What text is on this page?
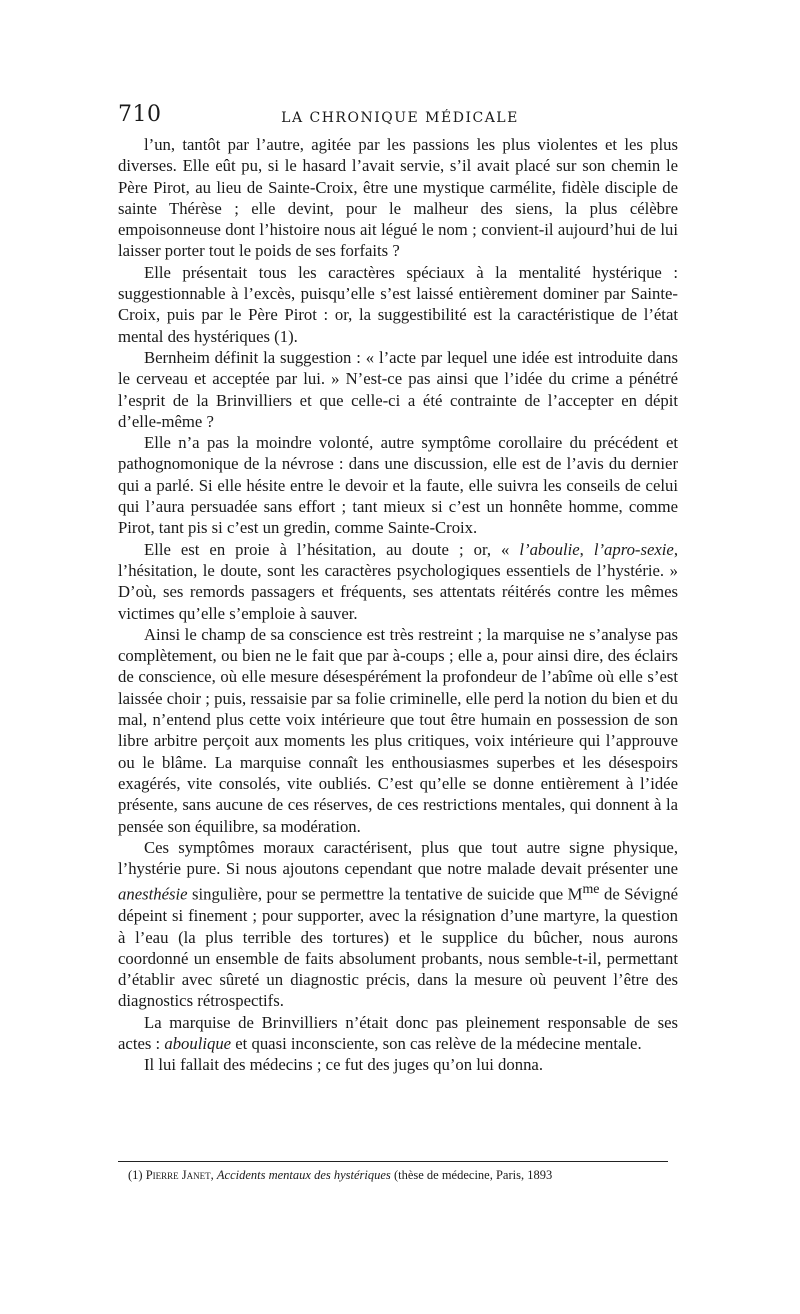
710	LA CHRONIQUE MÉDICALE

l’un, tantôt par l’autre, agitée par les passions les plus violentes et les plus diverses. Elle eût pu, si le hasard l’avait servie, s’il avait placé sur son chemin le Père Pirot, au lieu de Sainte-Croix, être une mystique carmélite, fidèle disciple de sainte Thérèse ; elle devint, pour le malheur des siens, la plus célèbre empoisonneuse dont l’histoire nous ait légué le nom ; convient-il aujourd’hui de lui laisser porter tout le poids de ses forfaits ?

Elle présentait tous les caractères spéciaux à la mentalité hystérique : suggestionnable à l’excès, puisqu’elle s’est laissé entièrement dominer par Sainte-Croix, puis par le Père Pirot : or, la suggestibilité est la caractéristique de l’état mental des hystériques (1).

Bernheim définit la suggestion : « l’acte par lequel une idée est introduite dans le cerveau et acceptée par lui. » N’est-ce pas ainsi que l’idée du crime a pénétré l’esprit de la Brinvilliers et que celle-ci a été contrainte de l’accepter en dépit d’elle-même ?

Elle n’a pas la moindre volonté, autre symptôme corollaire du précédent et pathognomonique de la névrose : dans une discussion, elle est de l’avis du dernier qui a parlé. Si elle hésite entre le devoir et la faute, elle suivra les conseils de celui qui l’aura persuadée sans effort ; tant mieux si c’est un honnête homme, comme Pirot, tant pis si c’est un gredin, comme Sainte-Croix.

Elle est en proie à l’hésitation, au doute ; or, « l’aboulie, l’apro-sexie, l’hésitation, le doute, sont les caractères psychologiques essentiels de l’hystérie. » D’où, ses remords passagers et fréquents, ses attentats réitérés contre les mêmes victimes qu’elle s’emploie à sauver.

Ainsi le champ de sa conscience est très restreint ; la marquise ne s’analyse pas complètement, ou bien ne le fait que par à-coups ; elle a, pour ainsi dire, des éclairs de conscience, où elle mesure désespérément la profondeur de l’abîme où elle s’est laissée choir ; puis, ressaisie par sa folie criminelle, elle perd la notion du bien et du mal, n’entend plus cette voix intérieure que tout être humain en possession de son libre arbitre perçoit aux moments les plus critiques, voix intérieure qui l’approuve ou le blâme. La marquise connaît les enthousiasmes superbes et les désespoirs exagérés, vite consolés, vite oubliés. C’est qu’elle se donne entièrement à l’idée présente, sans aucune de ces réserves, de ces restrictions mentales, qui donnent à la pensée son équilibre, sa modération.

Ces symptômes moraux caractérisent, plus que tout autre signe physique, l’hystérie pure. Si nous ajoutons cependant que notre malade devait présenter une anesthésie singulière, pour se permettre la tentative de suicide que $M^{me}$ de Sévigné dépeint si finement ; pour supporter, avec la résignation d’une martyre, la question à l’eau (la plus terrible des tortures) et le supplice du bûcher, nous aurons coordonné un ensemble de faits absolument probants, nous semble-t-il, permettant d’établir avec sûreté un diagnostic précis, dans la mesure où peuvent l’être des diagnostics rétrospectifs.

La marquise de Brinvilliers n’était donc pas pleinement responsable de ses actes : aboulique et quasi inconsciente, son cas relève de la médecine mentale.

Il lui fallait des médecins ; ce fut des juges qu’on lui donna.

(1) Pierre Janet, Accidents mentaux des hystériques (thèse de médecine, Paris, 1893
